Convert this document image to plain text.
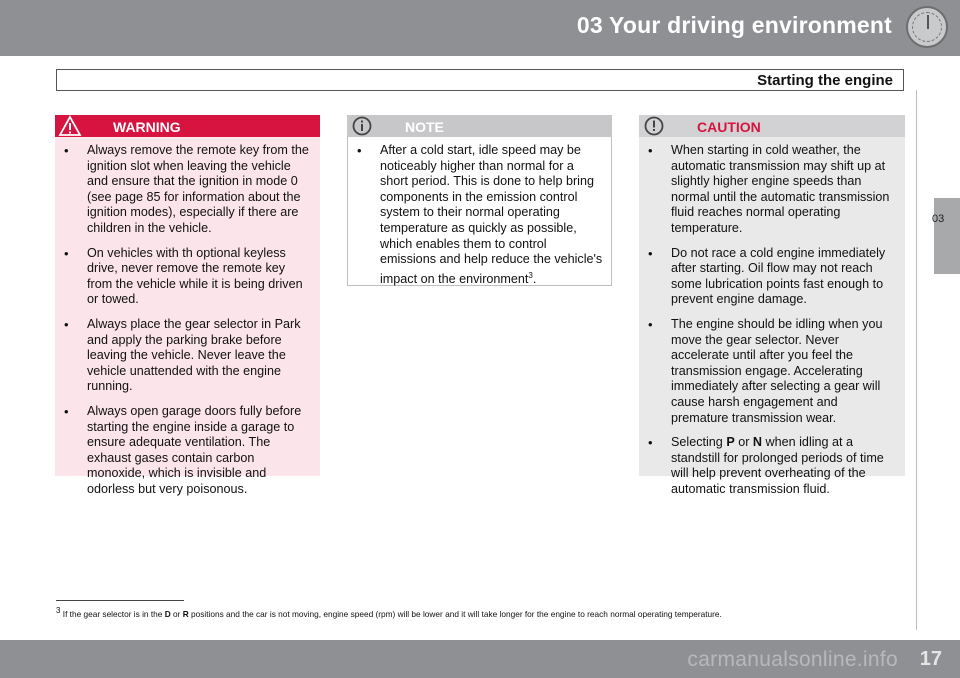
03 Your driving environment
Starting the engine
03
WARNING
• Always remove the remote key from the ignition slot when leaving the vehicle and ensure that the ignition in mode 0 (see page 85 for information about the ignition modes), especially if there are children in the vehicle.
• On vehicles with th optional keyless drive, never remove the remote key from the vehicle while it is being driven or towed.
• Always place the gear selector in Park and apply the parking brake before leaving the vehicle. Never leave the vehicle unattended with the engine running.
• Always open garage doors fully before starting the engine inside a garage to ensure adequate ventilation. The exhaust gases contain carbon monoxide, which is invisible and odorless but very poisonous.
NOTE
• After a cold start, idle speed may be noticeably higher than normal for a short period. This is done to help bring components in the emission control system to their normal operating temperature as quickly as possible, which enables them to control emissions and help reduce the vehicle's impact on the environment$^3$.
CAUTION
• When starting in cold weather, the automatic transmission may shift up at slightly higher engine speeds than normal until the automatic transmission fluid reaches normal operating temperature.
• Do not race a cold engine immediately after starting. Oil flow may not reach some lubrication points fast enough to prevent engine damage.
• The engine should be idling when you move the gear selector. Never accelerate until after you feel the transmission engage. Accelerating immediately after selecting a gear will cause harsh engagement and premature transmission wear.
• Selecting P or N when idling at a standstill for prolonged periods of time will help prevent overheating of the automatic transmission fluid.
$^3$ If the gear selector is in the D or R positions and the car is not moving, engine speed (rpm) will be lower and it will take longer for the engine to reach normal operating temperature.
carmanualsonline.info 17
